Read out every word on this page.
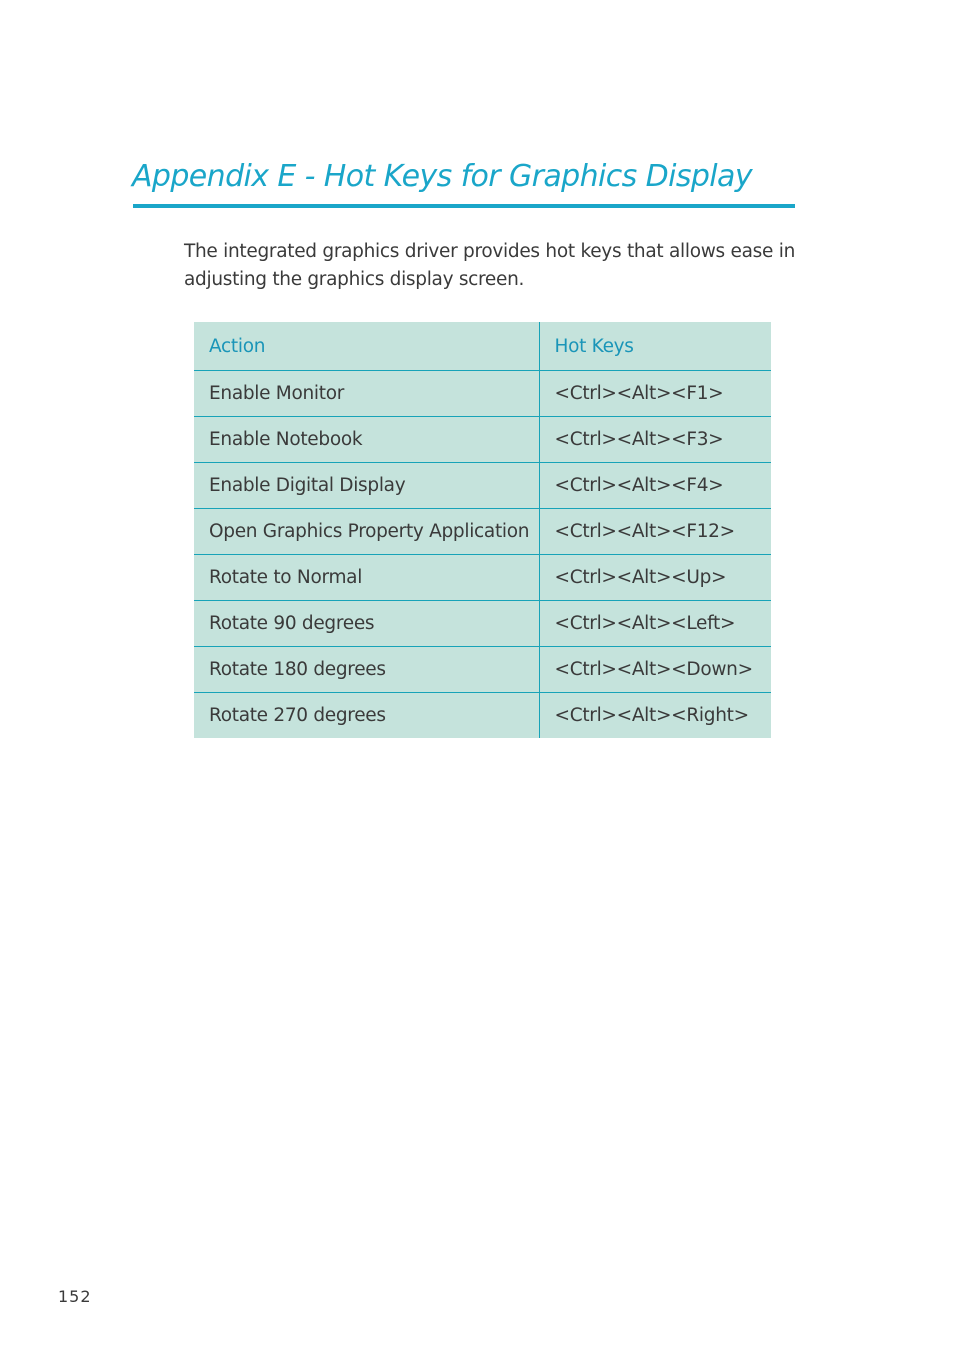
Appendix E - Hot Keys for Graphics Display

The integrated graphics driver provides hot keys that allows ease in adjusting the graphics display screen.

Action	Hot Keys
Enable Monitor	<Ctrl><Alt><F1>
Enable Notebook	<Ctrl><Alt><F3>
Enable Digital Display	<Ctrl><Alt><F4>
Open Graphics Property Application	<Ctrl><Alt><F12>
Rotate to Normal	<Ctrl><Alt><Up>
Rotate 90 degrees	<Ctrl><Alt><Left>
Rotate 180 degrees	<Ctrl><Alt><Down>
Rotate 270 degrees	<Ctrl><Alt><Right>
152
